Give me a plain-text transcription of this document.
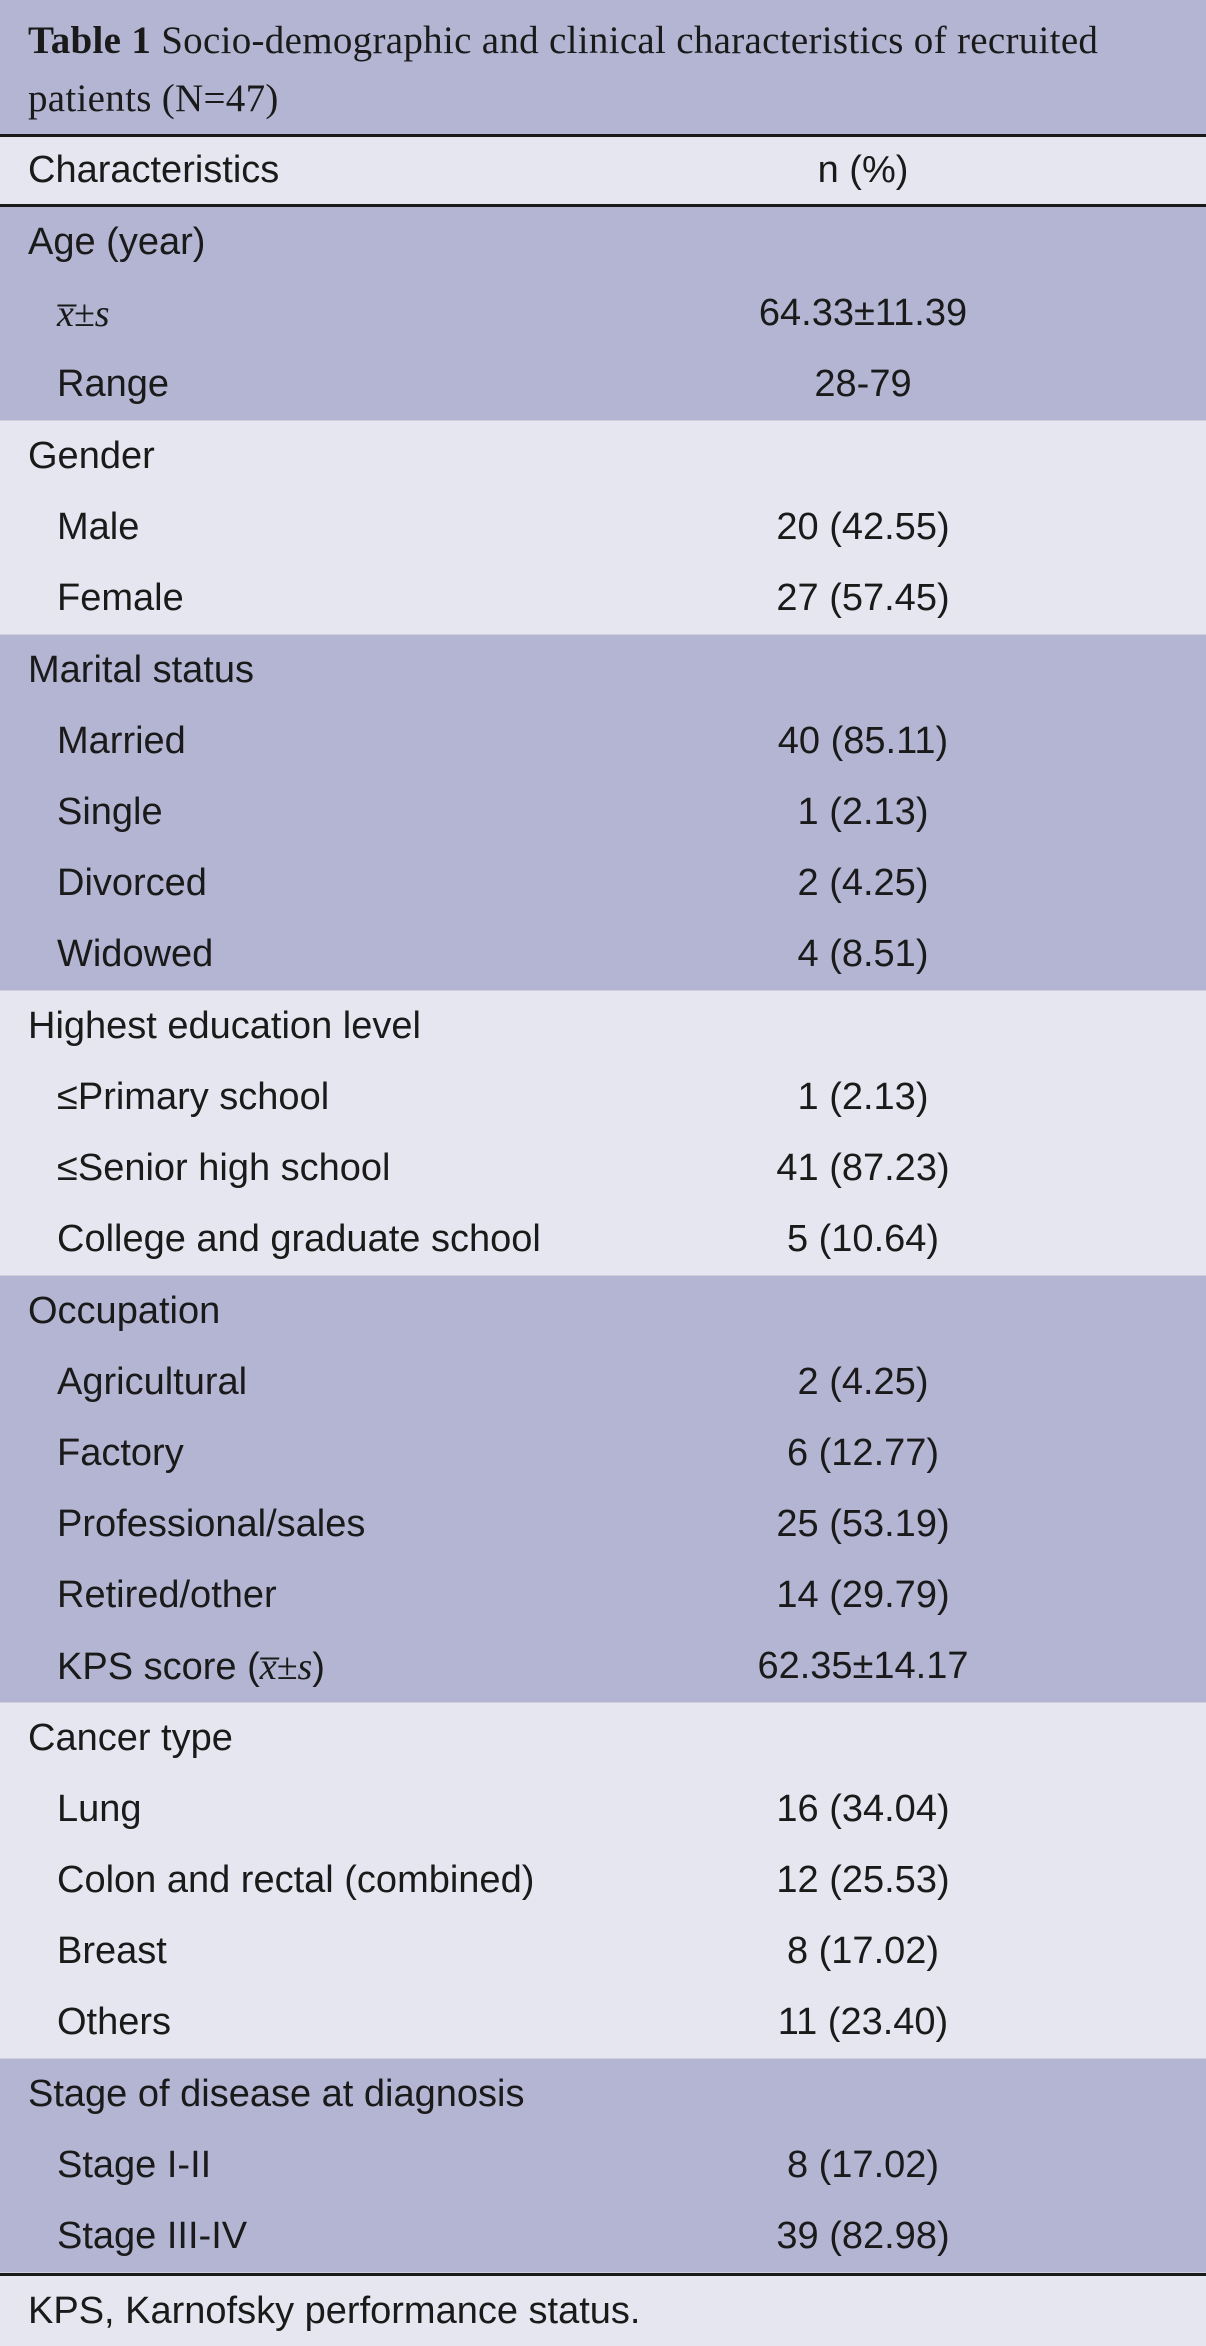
Table 1 Socio-demographic and clinical characteristics of recruited patients (N=47)
Characteristics	n (%)
Age (year)
x̅±s	64.33±11.39
Range	28-79
Gender
Male	20 (42.55)
Female	27 (57.45)
Marital status
Married	40 (85.11)
Single	1 (2.13)
Divorced	2 (4.25)
Widowed	4 (8.51)
Highest education level
≤Primary school	1 (2.13)
≤Senior high school	41 (87.23)
College and graduate school	5 (10.64)
Occupation
Agricultural	2 (4.25)
Factory	6 (12.77)
Professional/sales	25 (53.19)
Retired/other	14 (29.79)
KPS score (x̅±s)	62.35±14.17
Cancer type
Lung	16 (34.04)
Colon and rectal (combined)	12 (25.53)
Breast	8 (17.02)
Others	11 (23.40)
Stage of disease at diagnosis
Stage I-II	8 (17.02)
Stage III-IV	39 (82.98)
KPS, Karnofsky performance status.
